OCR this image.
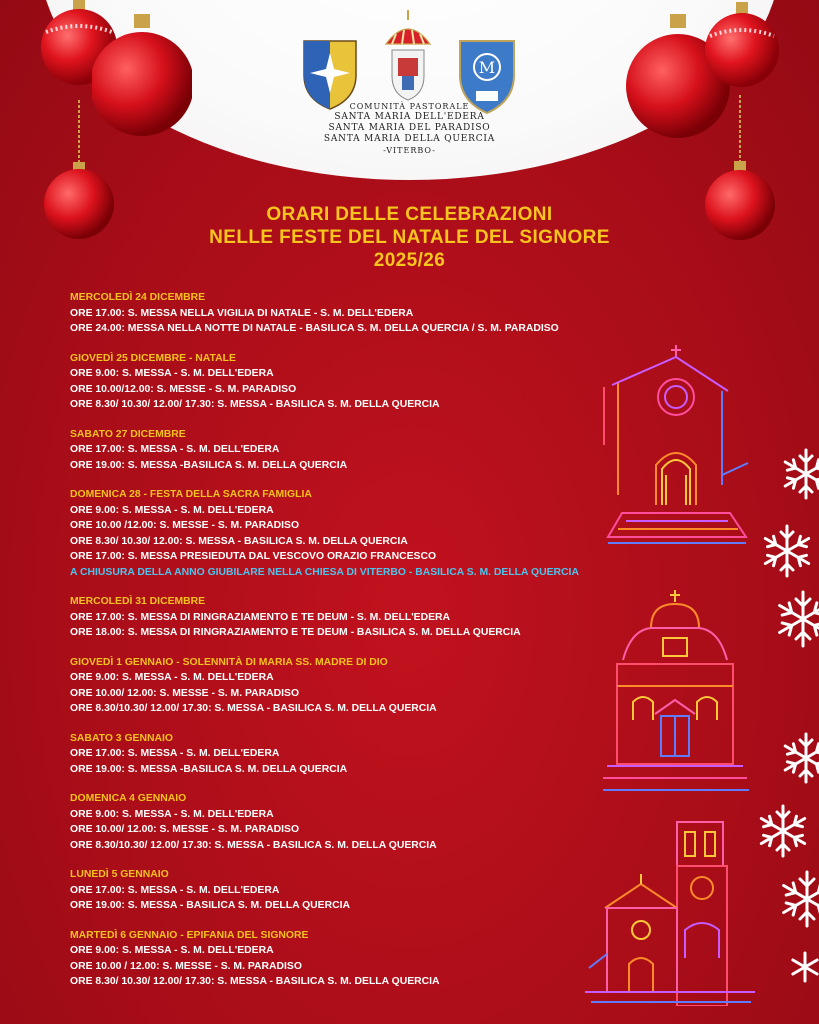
M
COMUNITÀ PASTORALE
SANTA MARIA DELL'EDERA
SANTA MARIA DEL PARADISO
SANTA MARIA DELLA QUERCIA
-VITERBO-
ORARI DELLE CELEBRAZIONI
NELLE FESTE DEL NATALE DEL SIGNORE
2025/26
MERCOLEDÌ 24 DICEMBRE
ORE 17.00: S. MESSA NELLA VIGILIA DI NATALE - S. M. DELL'EDERA
ORE 24.00: MESSA NELLA NOTTE DI NATALE - BASILICA S. M. DELLA QUERCIA / S. M. PARADISO
GIOVEDÌ 25 DICEMBRE - NATALE
ORE 9.00: S. MESSA - S. M. DELL'EDERA
ORE 10.00/12.00: S. MESSE - S. M. PARADISO
ORE 8.30/ 10.30/ 12.00/ 17.30: S. MESSA - BASILICA S. M. DELLA QUERCIA
SABATO 27 DICEMBRE
ORE 17.00: S. MESSA - S. M. DELL'EDERA
ORE 19.00: S. MESSA -BASILICA S. M. DELLA QUERCIA
DOMENICA 28 - FESTA DELLA SACRA FAMIGLIA
ORE 9.00: S. MESSA - S. M. DELL'EDERA
ORE 10.00 /12.00: S. MESSE - S. M. PARADISO
ORE 8.30/ 10.30/ 12.00: S. MESSA - BASILICA S. M. DELLA QUERCIA
ORE 17.00: S. MESSA PRESIEDUTA DAL VESCOVO ORAZIO FRANCESCO
A CHIUSURA DELLA ANNO GIUBILARE NELLA CHIESA DI VITERBO - BASILICA S. M. DELLA QUERCIA
MERCOLEDÌ 31 DICEMBRE
ORE 17.00: S. MESSA DI RINGRAZIAMENTO E TE DEUM - S. M. DELL'EDERA
ORE 18.00: S. MESSA DI RINGRAZIAMENTO E TE DEUM - BASILICA S. M. DELLA QUERCIA
GIOVEDÌ 1 GENNAIO - SOLENNITÀ DI MARIA SS. MADRE DI DIO
ORE 9.00: S. MESSA - S. M. DELL'EDERA
ORE 10.00/ 12.00: S. MESSE - S. M. PARADISO
ORE 8.30/10.30/ 12.00/ 17.30: S. MESSA - BASILICA S. M. DELLA QUERCIA
SABATO 3 GENNAIO
ORE 17.00: S. MESSA - S. M. DELL'EDERA
ORE 19.00: S. MESSA -BASILICA S. M. DELLA QUERCIA
DOMENICA 4 GENNAIO
ORE 9.00: S. MESSA - S. M. DELL'EDERA
ORE 10.00/ 12.00: S. MESSE - S. M. PARADISO
ORE 8.30/10.30/ 12.00/ 17.30: S. MESSA - BASILICA S. M. DELLA QUERCIA
LUNEDÌ 5 GENNAIO
ORE 17.00: S. MESSA - S. M. DELL'EDERA
ORE 19.00: S. MESSA - BASILICA S. M. DELLA QUERCIA
MARTEDÌ 6 GENNAIO - EPIFANIA DEL SIGNORE
ORE 9.00: S. MESSA - S. M. DELL'EDERA
ORE 10.00 / 12.00: S. MESSE - S. M. PARADISO
ORE 8.30/ 10.30/ 12.00/ 17.30: S. MESSA - BASILICA S. M. DELLA QUERCIA
